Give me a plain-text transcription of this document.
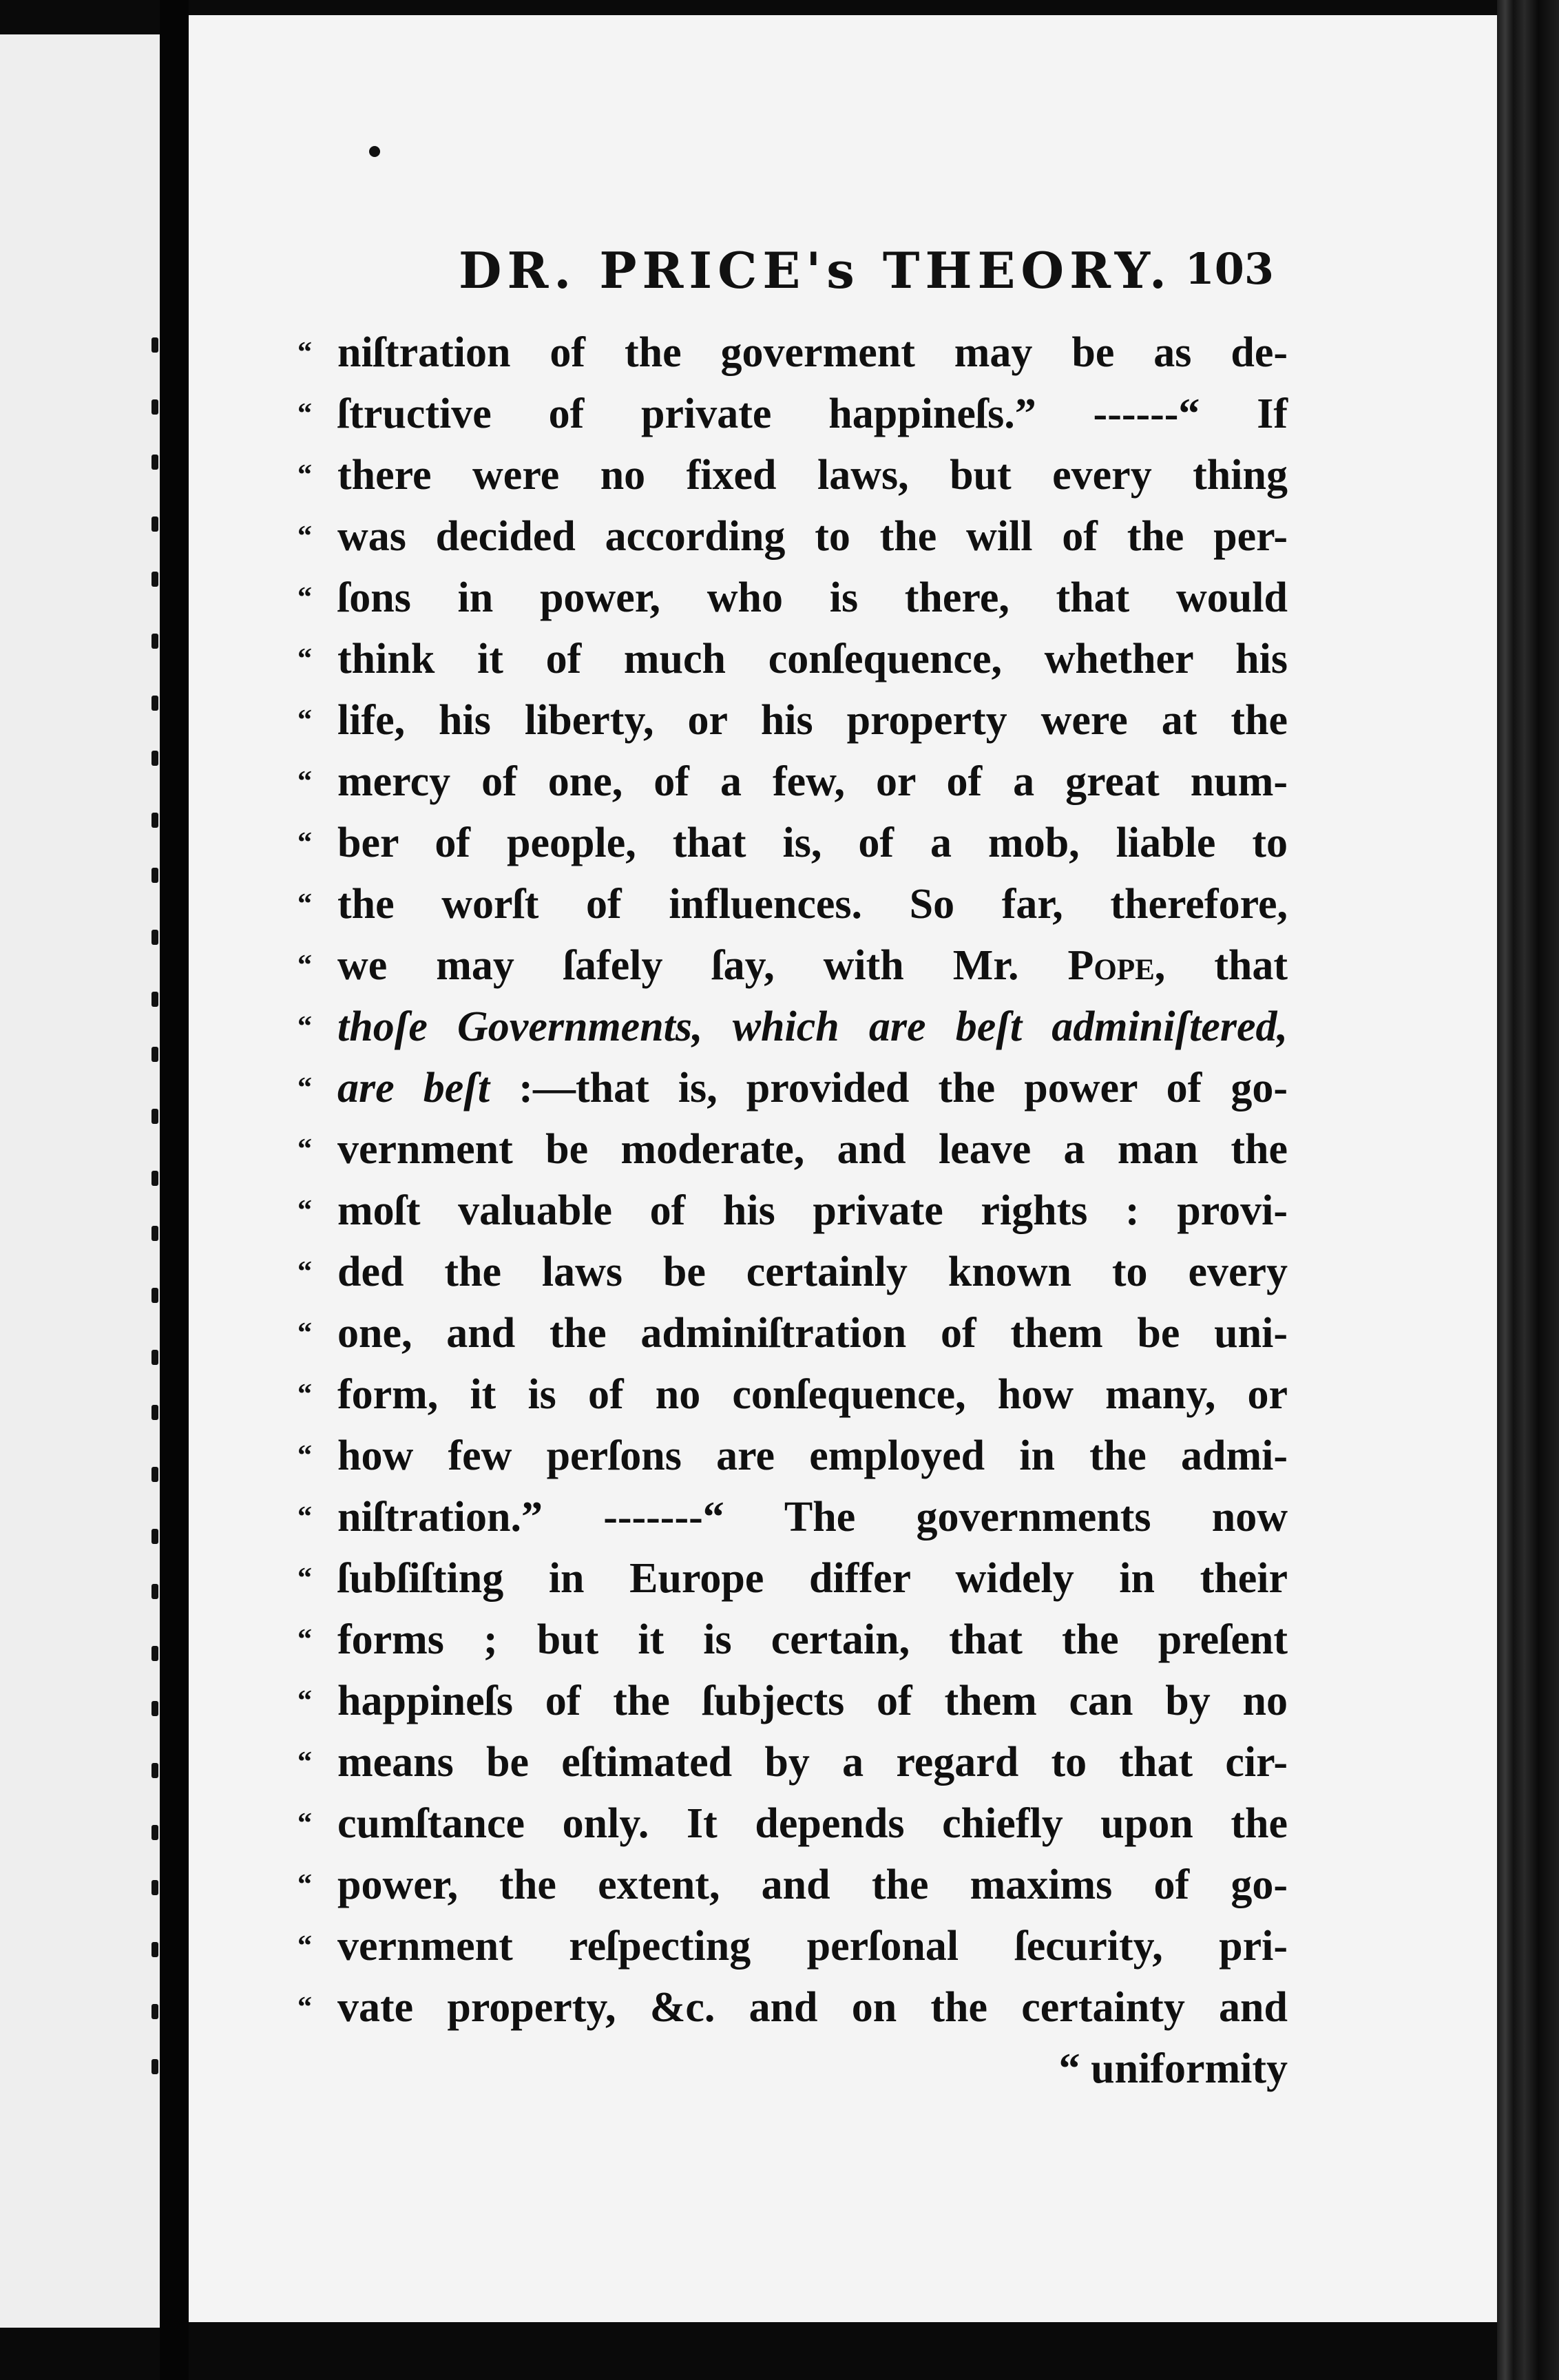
DR. PRICE's THEORY. 103
“ niſtration of the goverment may be as de-
“ ſtructive of private happineſs.” ------“ If
“ there were no fixed laws, but every thing
“ was decided according to the will of the per-
“ ſons in power, who is there, that would
“ think it of much conſequence, whether his
“ life, his liberty, or his property were at the
“ mercy of one, of a few, or of a great num-
“ ber of people, that is, of a mob, liable to
“ the worſt of influences. So far, therefore,
“ we may ſafely ſay, with Mr. Pope, that
“ thoſe Governments, which are beſt adminiſtered,
“ are beſt :—that is, provided the power of go-
“ vernment be moderate, and leave a man the
“ moſt valuable of his private rights : provi-
“ ded the laws be certainly known to every
“ one, and the adminiſtration of them be uni-
“ form, it is of no conſequence, how many, or
“ how few perſons are employed in the admi-
“ niſtration.” -------“ The governments now
“ ſubſiſting in Europe differ widely in their
“ forms ; but it is certain, that the preſent
“ happineſs of the ſubjects of them can by no
“ means be eſtimated by a regard to that cir-
“ cumſtance only. It depends chiefly upon the
“ power, the extent, and the maxims of go-
“ vernment reſpecting perſonal ſecurity, pri-
“ vate property, &c. and on the certainty and
“ uniformity
